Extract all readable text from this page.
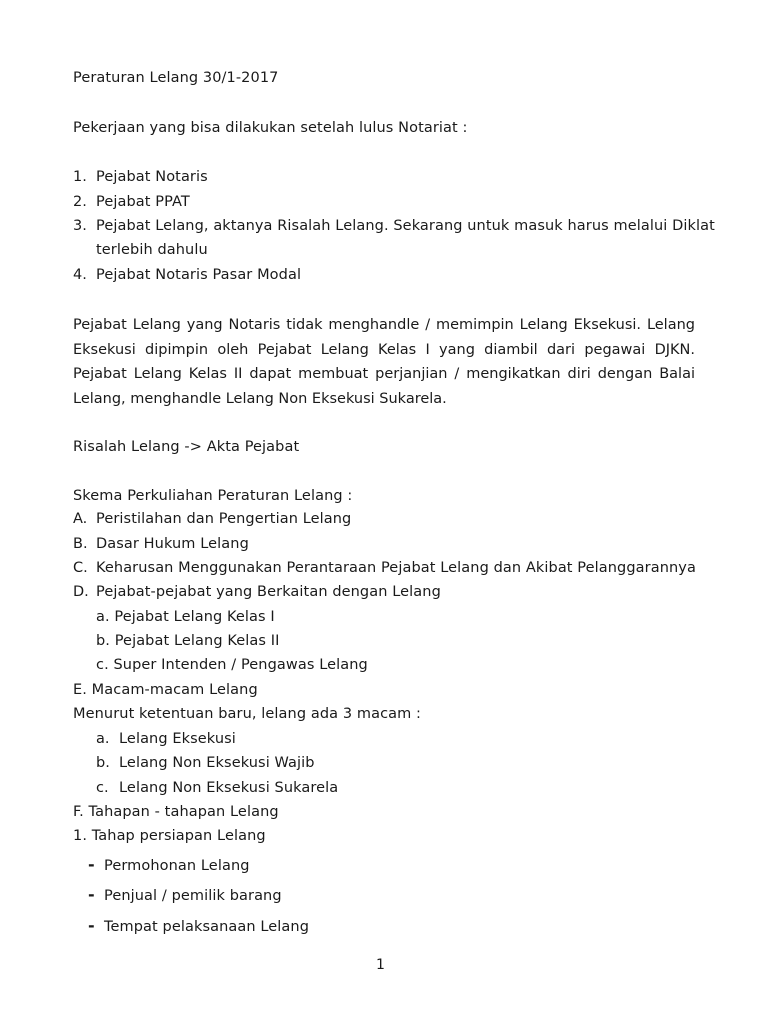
Peraturan Lelang 30/1-2017
Pekerjaan yang bisa dilakukan setelah lulus Notariat :
1. Pejabat Notaris
2. Pejabat PPAT
3. Pejabat Lelang, aktanya Risalah Lelang. Sekarang untuk masuk harus melalui Diklat
terlebih dahulu
4. Pejabat Notaris Pasar Modal
Pejabat Lelang yang Notaris tidak menghandle / memimpin Lelang Eksekusi. Lelang Eksekusi dipimpin oleh Pejabat Lelang Kelas I yang diambil dari pegawai DJKN. Pejabat Lelang Kelas II dapat membuat perjanjian / mengikatkan diri dengan Balai Lelang, menghandle Lelang Non Eksekusi Sukarela.
Risalah Lelang -> Akta Pejabat
Skema Perkuliahan Peraturan Lelang :
A. Peristilahan dan Pengertian Lelang
B. Dasar Hukum Lelang
C. Keharusan Menggunakan Perantaraan Pejabat Lelang dan Akibat Pelanggarannya
D. Pejabat-pejabat yang Berkaitan dengan Lelang
a. Pejabat Lelang Kelas I
b. Pejabat Lelang Kelas II
c. Super Intenden / Pengawas Lelang
E. Macam-macam Lelang
Menurut ketentuan baru, lelang ada 3 macam :
a. Lelang Eksekusi
b. Lelang Non Eksekusi Wajib
c. Lelang Non Eksekusi Sukarela
F. Tahapan - tahapan Lelang
1. Tahap persiapan Lelang
- Permohonan Lelang
- Penjual / pemilik barang
- Tempat pelaksanaan Lelang
1
